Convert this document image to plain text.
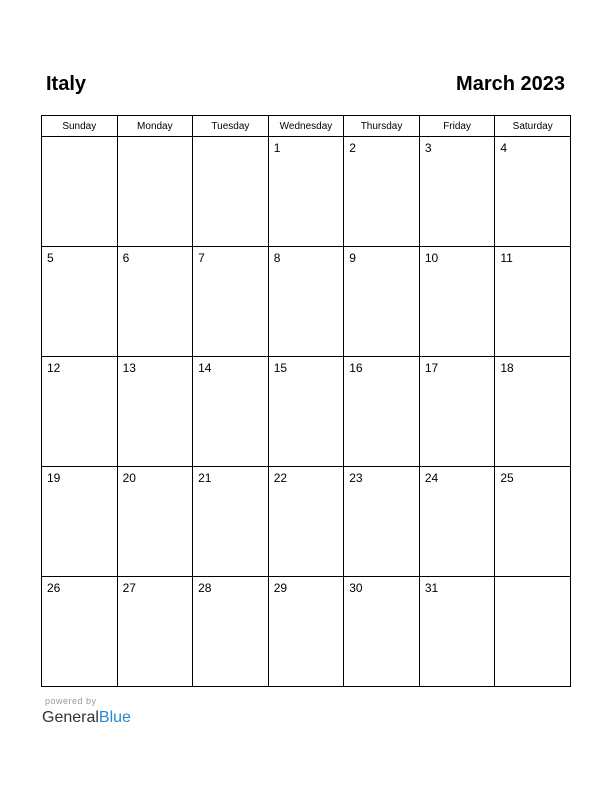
Italy	March 2023
Sunday	Monday	Tuesday	Wednesday	Thursday	Friday	Saturday

			1	2	3	4

5	6	7	8	9	10	11

12	13	14	15	16	17	18

19	20	21	22	23	24	25

26	27	28	29	30	31	

powered by
GeneralBlue
